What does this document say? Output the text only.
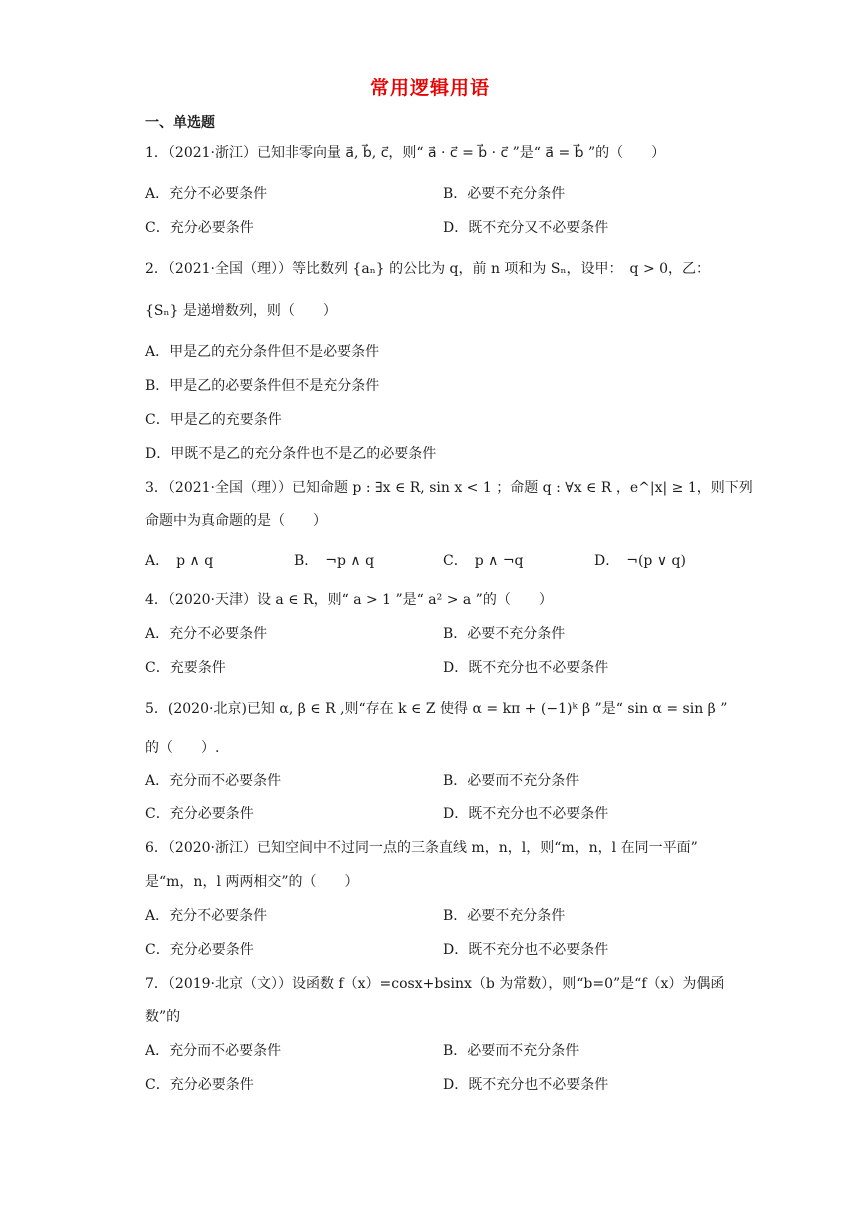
常用逻辑用语
一、单选题
1．（2021·浙江）已知非零向量 a⃗, b⃗, c⃗，则“ a⃗ · c⃗ = b⃗ · c⃗ ”是“ a⃗ = b⃗ ”的（　　）
A．充分不必要条件	B．必要不充分条件
C．充分必要条件	D．既不充分又不必要条件
2．（2021·全国（理））等比数列 {aₙ} 的公比为 q，前 n 项和为 Sₙ，设甲：　q > 0，乙：
{Sₙ} 是递增数列，则（　　）
A．甲是乙的充分条件但不是必要条件
B．甲是乙的必要条件但不是充分条件
C．甲是乙的充要条件
D．甲既不是乙的充分条件也不是乙的必要条件
3．（2021·全国（理））已知命题 p : ∃x ∈ R, sin x < 1 ；命题 q : ∀x ∈ R ，e^|x| ≥ 1，则下列
命题中为真命题的是（　　）
A．　p ∧ q	B．　¬p ∧ q	C．　p ∧ ¬q	D．　¬(p ∨ q)
4．（2020·天津）设 a ∈ R，则“ a > 1 ”是“ a² > a ”的（　　）
A．充分不必要条件	B．必要不充分条件
C．充要条件	D．既不充分也不必要条件
5．(2020·北京)已知 α, β ∈ R ,则“存在 k ∈ Z 使得 α = kπ + (−1)ᵏ β ”是“ sin α = sin β ”
的（　　）.
A．充分而不必要条件	B．必要而不充分条件
C．充分必要条件	D．既不充分也不必要条件
6．（2020·浙江）已知空间中不过同一点的三条直线 m，n，l，则“m，n，l 在同一平面”
是“m，n，l 两两相交”的（　　）
A．充分不必要条件	B．必要不充分条件
C．充分必要条件	D．既不充分也不必要条件
7．（2019·北京（文））设函数 f（x）=cosx+bsinx（b 为常数），则“b=0”是“f（x）为偶函
数”的
A．充分而不必要条件	B．必要而不充分条件
C．充分必要条件	D．既不充分也不必要条件
